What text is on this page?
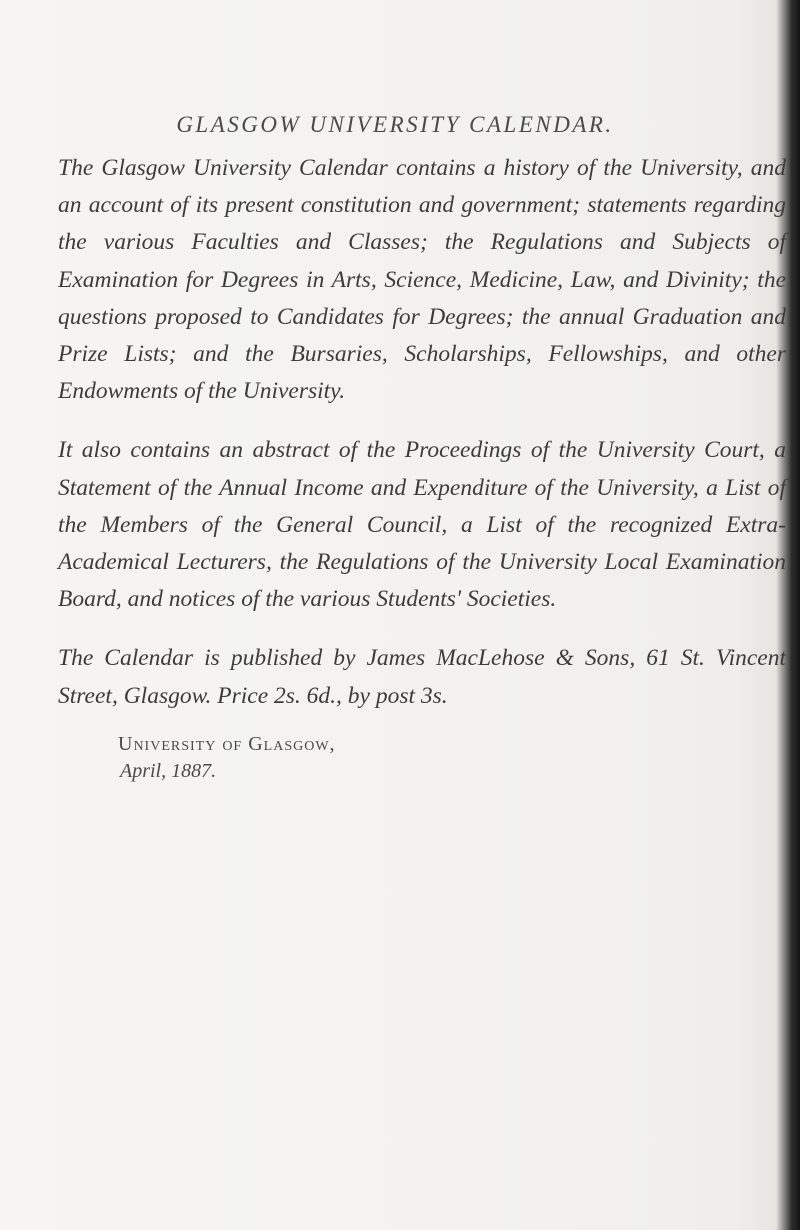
GLASGOW UNIVERSITY CALENDAR.

The Glasgow University Calendar contains a history of the University, and an account of its present constitution and government; statements regarding the various Faculties and Classes; the Regulations and Subjects of Examination for Degrees in Arts, Science, Medicine, Law, and Divinity; the questions proposed to Candidates for Degrees; the annual Graduation and Prize Lists; and the Bursaries, Scholarships, Fellowships, and other Endowments of the University.

It also contains an abstract of the Proceedings of the University Court, a Statement of the Annual Income and Expenditure of the University, a List of the Members of the General Council, a List of the recognized Extra-Academical Lecturers, the Regulations of the University Local Examination Board, and notices of the various Students' Societies.

The Calendar is published by James MacLehose & Sons, 61 St. Vincent Street, Glasgow. Price 2s. 6d., by post 3s.

University of Glasgow,
April, 1887.
